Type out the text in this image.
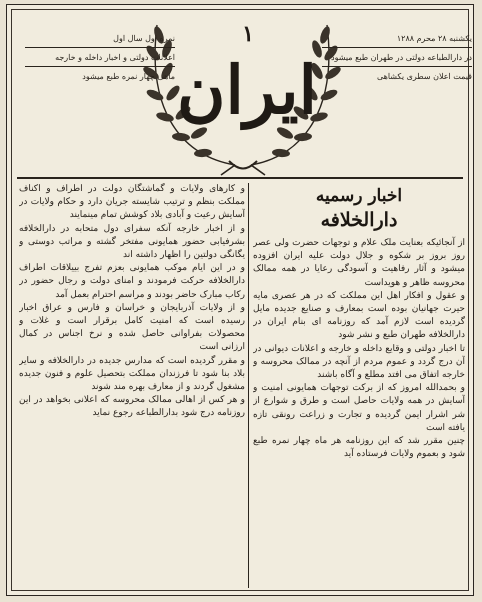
۱
ایران
یکشنبه ۲۸ محرم ۱۲۸۸
در دارالطباعه دولتی در طهران طبع میشود
قیمت اعلان سطری یکشاهی
نمره اول سال اول
اعلانات دولتی و اخبار داخله و خارجه
ماهی چهار نمره طبع میشود
اخبار رسمیه
دارالخلافه

از آنجائیکه بعنایت ملک علام و توجهات حضرت ولی عصر روز بروز بر شکوه و جلال دولت علیه ایران افزوده میشود و آثار رفاهیت و آسودگی رعایا در همه ممالک محروسه ظاهر و هویداست

و عقول و افکار اهل این مملکت که در هر عصری مایه حیرت جهانیان بوده است بمعارف و صنایع جدیده مایل گردیده است لازم آمد که روزنامه ای بنام ایران در دارالخلافه طهران طبع و نشر شود

تا اخبار دولتی و وقایع داخله و خارجه و اعلانات دیوانی در آن درج گردد و عموم مردم از آنچه در ممالک محروسه و خارجه اتفاق می افتد مطلع و آگاه باشند

و بحمدالله امروز که از برکت توجهات همایونی امنیت و آسایش در همه ولایات حاصل است و طرق و شوارع از شر اشرار ایمن گردیده و تجارت و زراعت رونقی تازه یافته است

چنین مقرر شد که این روزنامه هر ماه چهار نمره طبع شود و بعموم ولایات فرستاده آید

و کارهای ولایات و گماشتگان دولت در اطراف و اکناف مملکت بنظم و ترتیب شایسته جریان دارد و حکام ولایات در آسایش رعیت و آبادی بلاد کوشش تمام مینمایند

و از اخبار خارجه آنکه سفرای دول متحابه در دارالخلافه بشرفیابی حضور همایونی مفتخر گشته و مراتب دوستی و یگانگی دولتین را اظهار داشته اند

و در این ایام موکب همایونی بعزم تفرج بییلاقات اطراف دارالخلافه حرکت فرمودند و امنای دولت و رجال حضور در رکاب مبارک حاضر بودند و مراسم احترام بعمل آمد

و از ولایات آذربایجان و خراسان و فارس و عراق اخبار رسیده است که امنیت کامل برقرار است و غلات و محصولات بفراوانی حاصل شده و نرخ اجناس در کمال ارزانی است

و مقرر گردیده است که مدارس جدیده در دارالخلافه و سایر بلاد بنا شود تا فرزندان مملکت بتحصیل علوم و فنون جدیده مشغول گردند و از معارف بهره مند شوند

و هر کس از اهالی ممالک محروسه که اعلانی بخواهد در این روزنامه درج شود بدارالطباعه رجوع نماید
